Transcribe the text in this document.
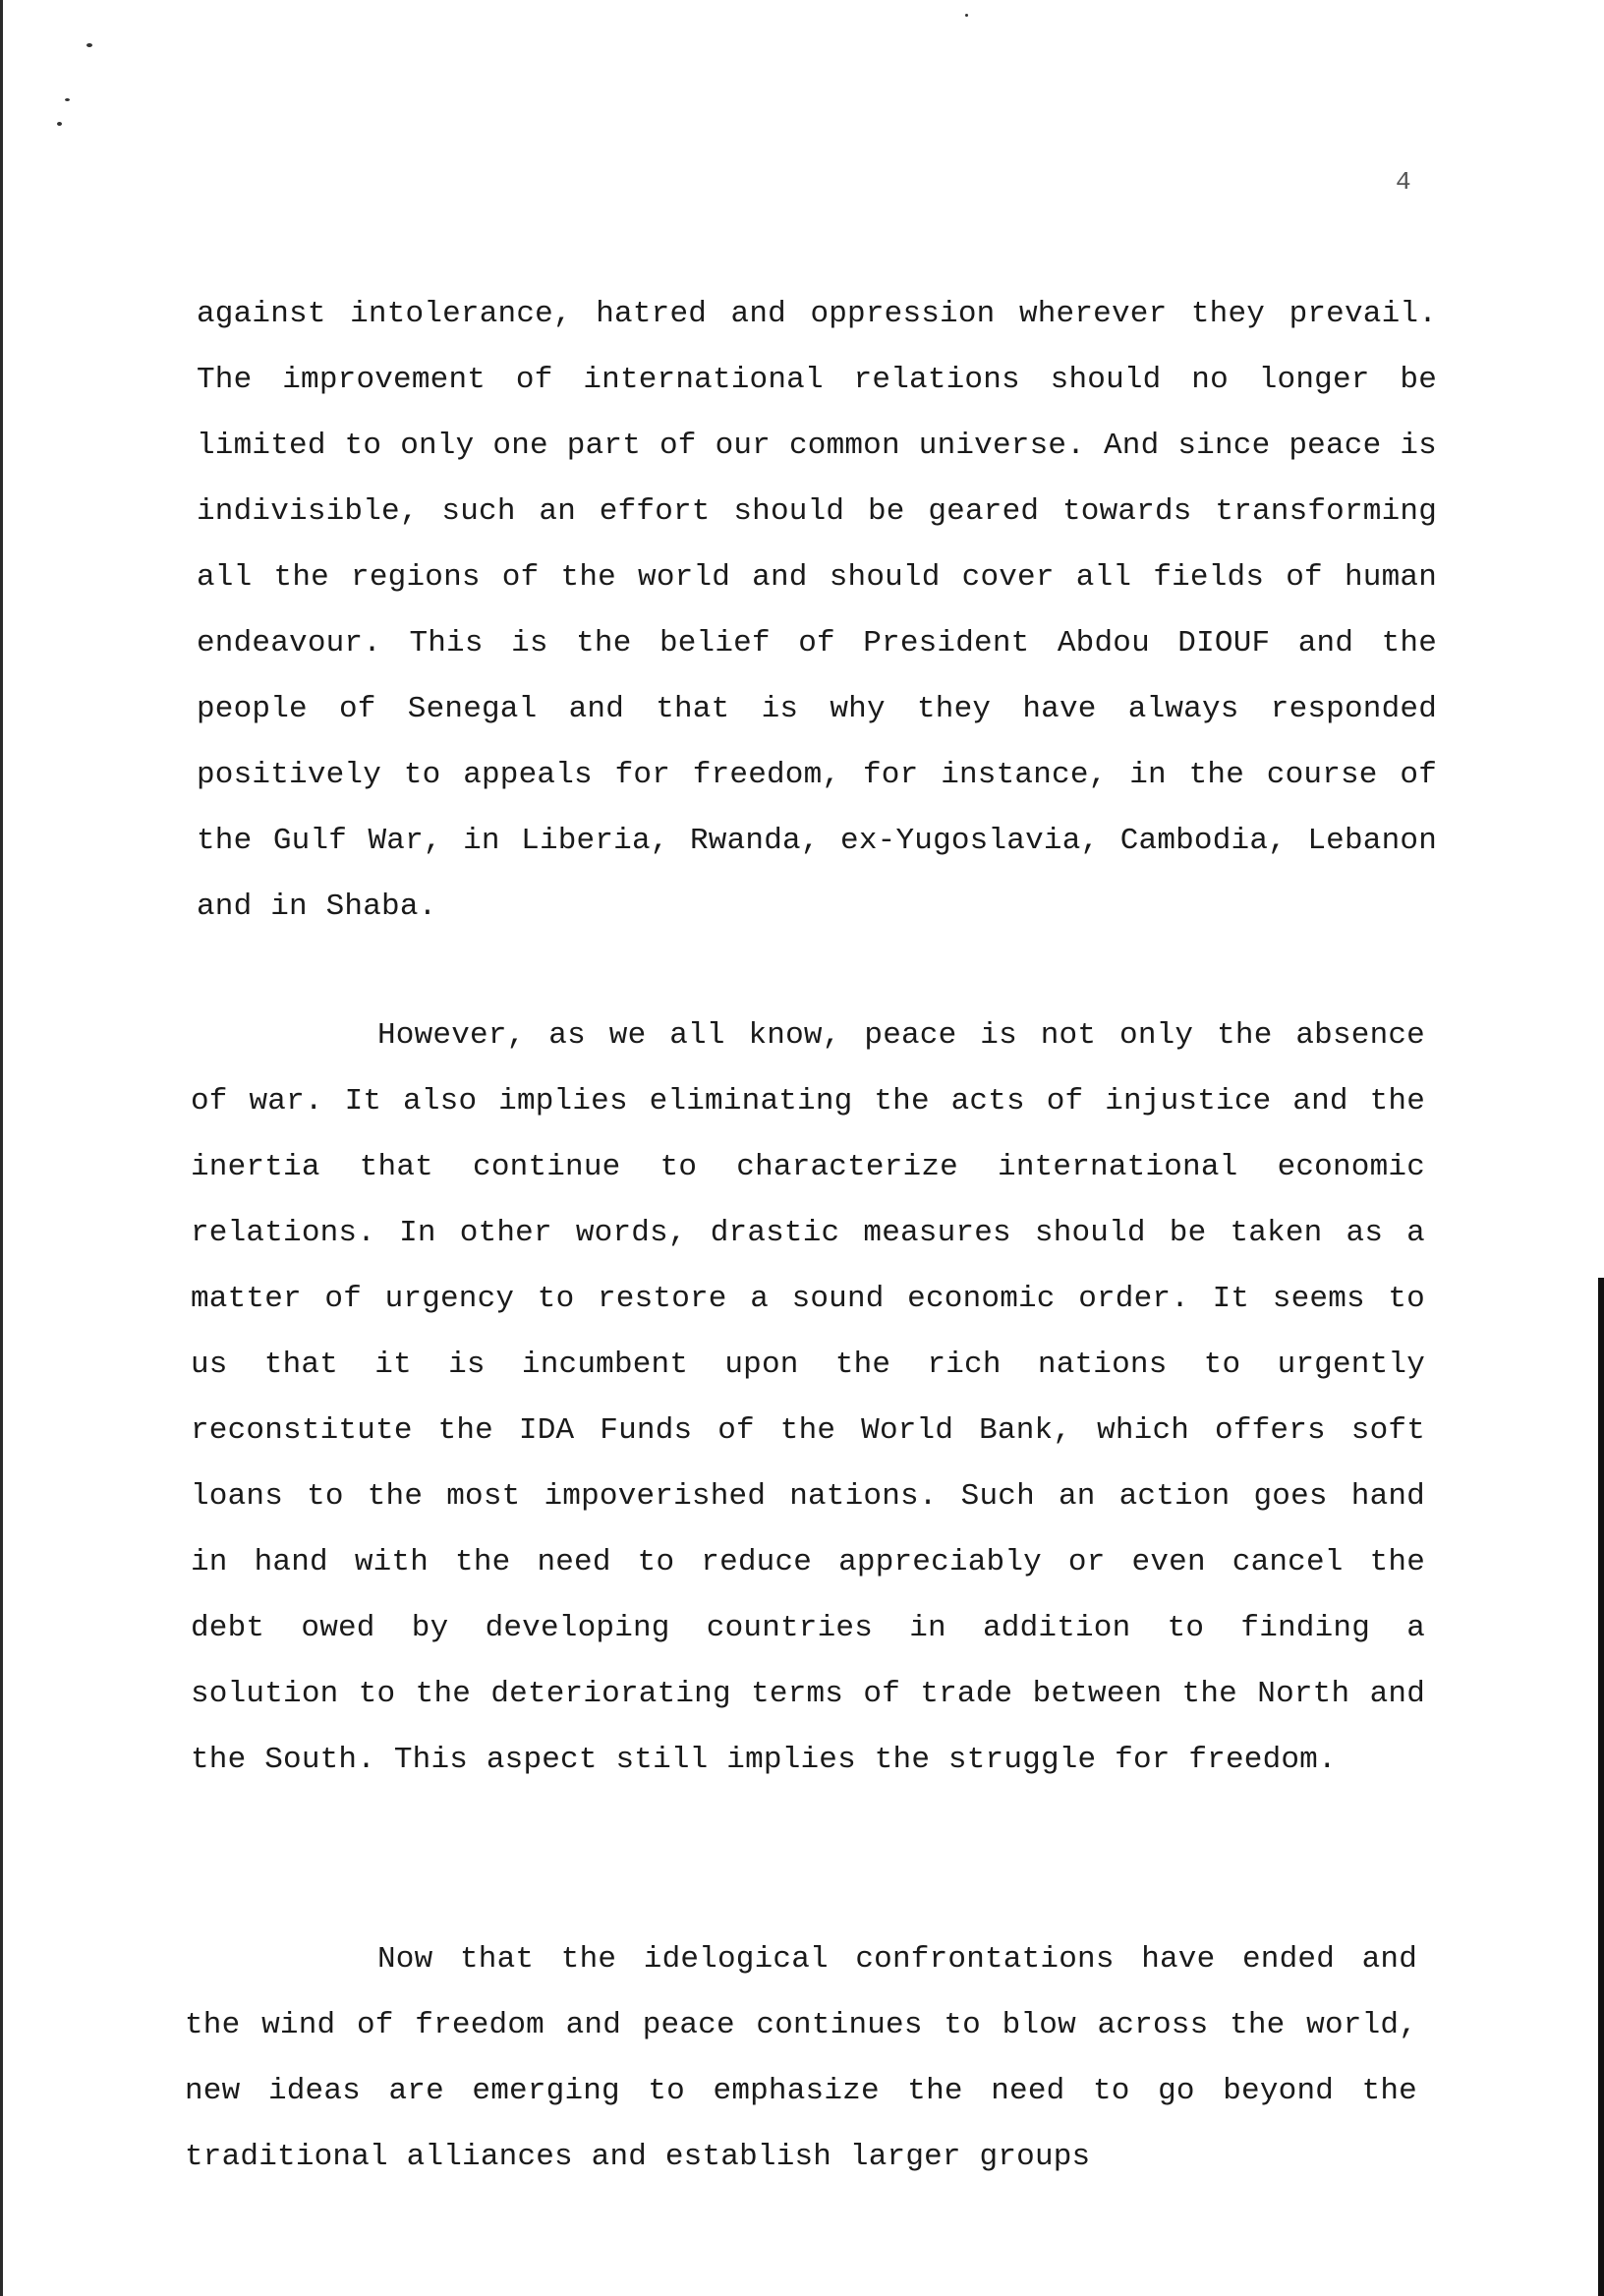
4

against intolerance, hatred and oppression wherever they prevail. The improvement of international relations should no longer be limited to only one part of our common universe. And since peace is indivisible, such an effort should be geared towards transforming all the regions of the world and should cover all fields of human endeavour. This is the belief of President Abdou DIOUF and the people of Senegal and that is why they have always responded positively to appeals for freedom, for instance, in the course of the Gulf War, in Liberia, Rwanda, ex-Yugoslavia, Cambodia, Lebanon and in Shaba.

However, as we all know, peace is not only the absence of war. It also implies eliminating the acts of injustice and the inertia that continue to characterize international economic relations. In other words, drastic measures should be taken as a matter of urgency to restore a sound economic order. It seems to us that it is incumbent upon the rich nations to urgently reconstitute the IDA Funds of the World Bank, which offers soft loans to the most impoverished nations. Such an action goes hand in hand with the need to reduce appreciably or even cancel the debt owed by developing countries in addition to finding a solution to the deteriorating terms of trade between the North and the South. This aspect still implies the struggle for freedom.

Now that the idelogical confrontations have ended and the wind of freedom and peace continues to blow across the world, new ideas are emerging to emphasize the need to go beyond the traditional alliances and establish larger groups
